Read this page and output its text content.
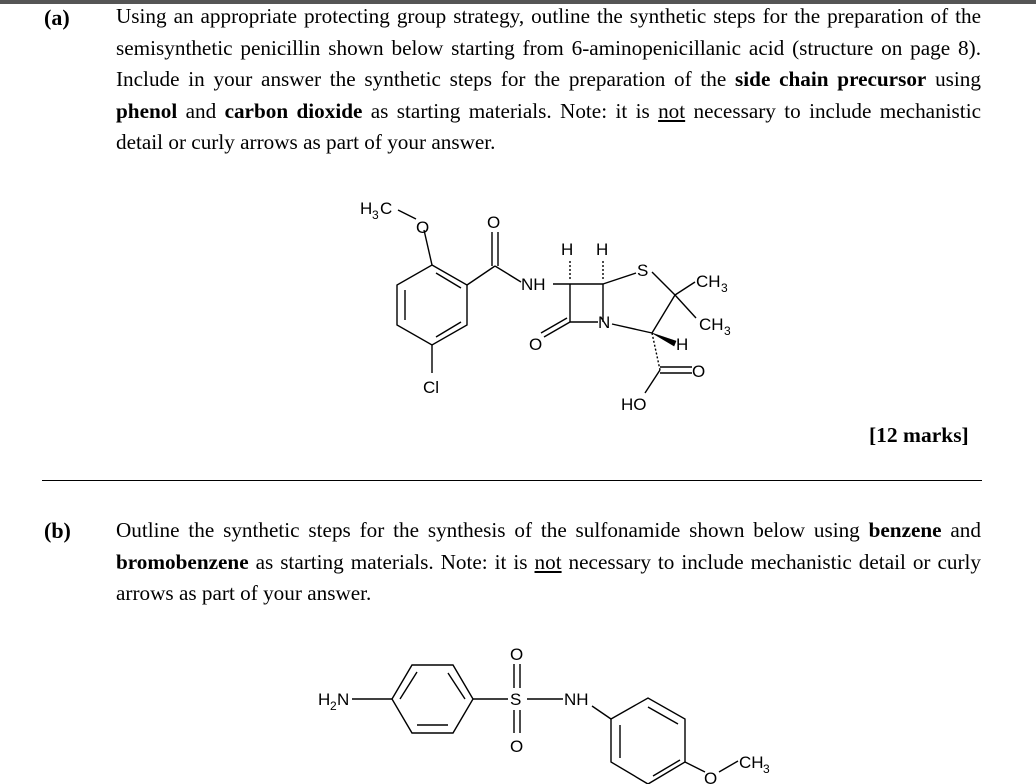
(a) Using an appropriate protecting group strategy, outline the synthetic steps for the preparation of the semisynthetic penicillin shown below starting from 6-aminopenicillanic acid (structure on page 8). Include in your answer the synthetic steps for the preparation of the side chain precursor using phenol and carbon dioxide as starting materials. Note: it is not necessary to include mechanistic detail or curly arrows as part of your answer.
H 3 C
O
Cl
O
NH
O
H H
S
CH 3
CH 3
N
H
HO
O
[12 marks]
(b) Outline the synthetic steps for the synthesis of the sulfonamide shown below using benzene and bromobenzene as starting materials. Note: it is not necessary to include mechanistic detail or curly arrows as part of your answer.
H 2 N	S
O
O
NH
O
CH 3
